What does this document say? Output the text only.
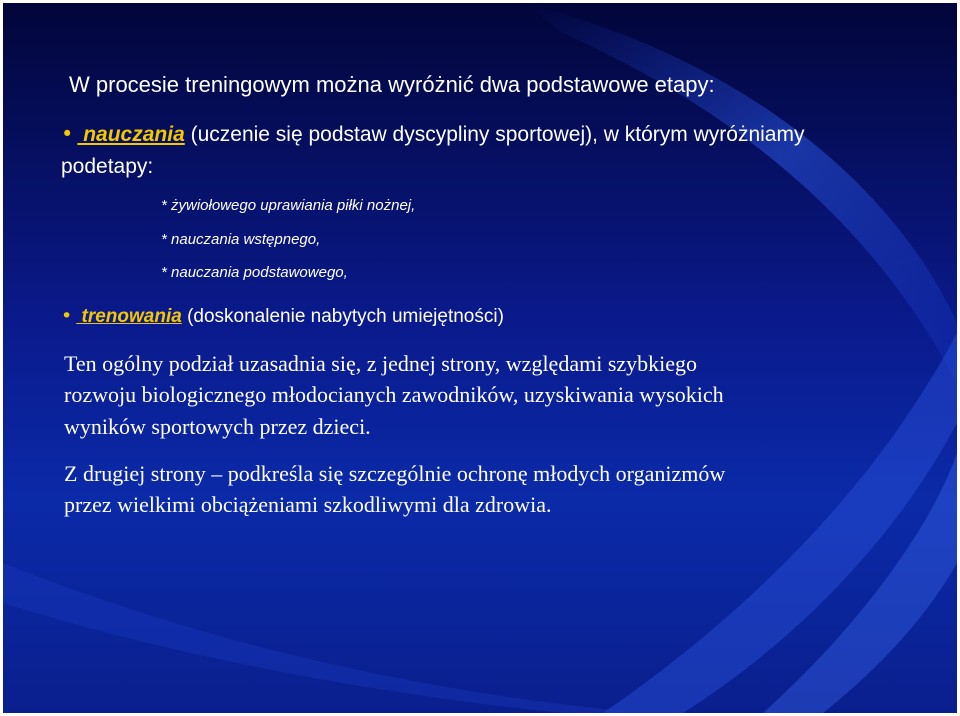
W procesie treningowym można wyróżnić dwa podstawowe etapy:
• nauczania (uczenie się podstaw dyscypliny sportowej), w którym wyróżniamy
podetapy:
* żywiołowego uprawiania piłki nożnej,
* nauczania wstępnego,
* nauczania podstawowego,
• trenowania (doskonalenie nabytych umiejętności)
Ten ogólny podział uzasadnia się, z jednej strony, względami szybkiego
rozwoju biologicznego młodocianych zawodników, uzyskiwania wysokich
wyników sportowych przez dzieci.
Z drugiej strony – podkreśla się szczególnie ochronę młodych organizmów
przez wielkimi obciążeniami szkodliwymi dla zdrowia.
